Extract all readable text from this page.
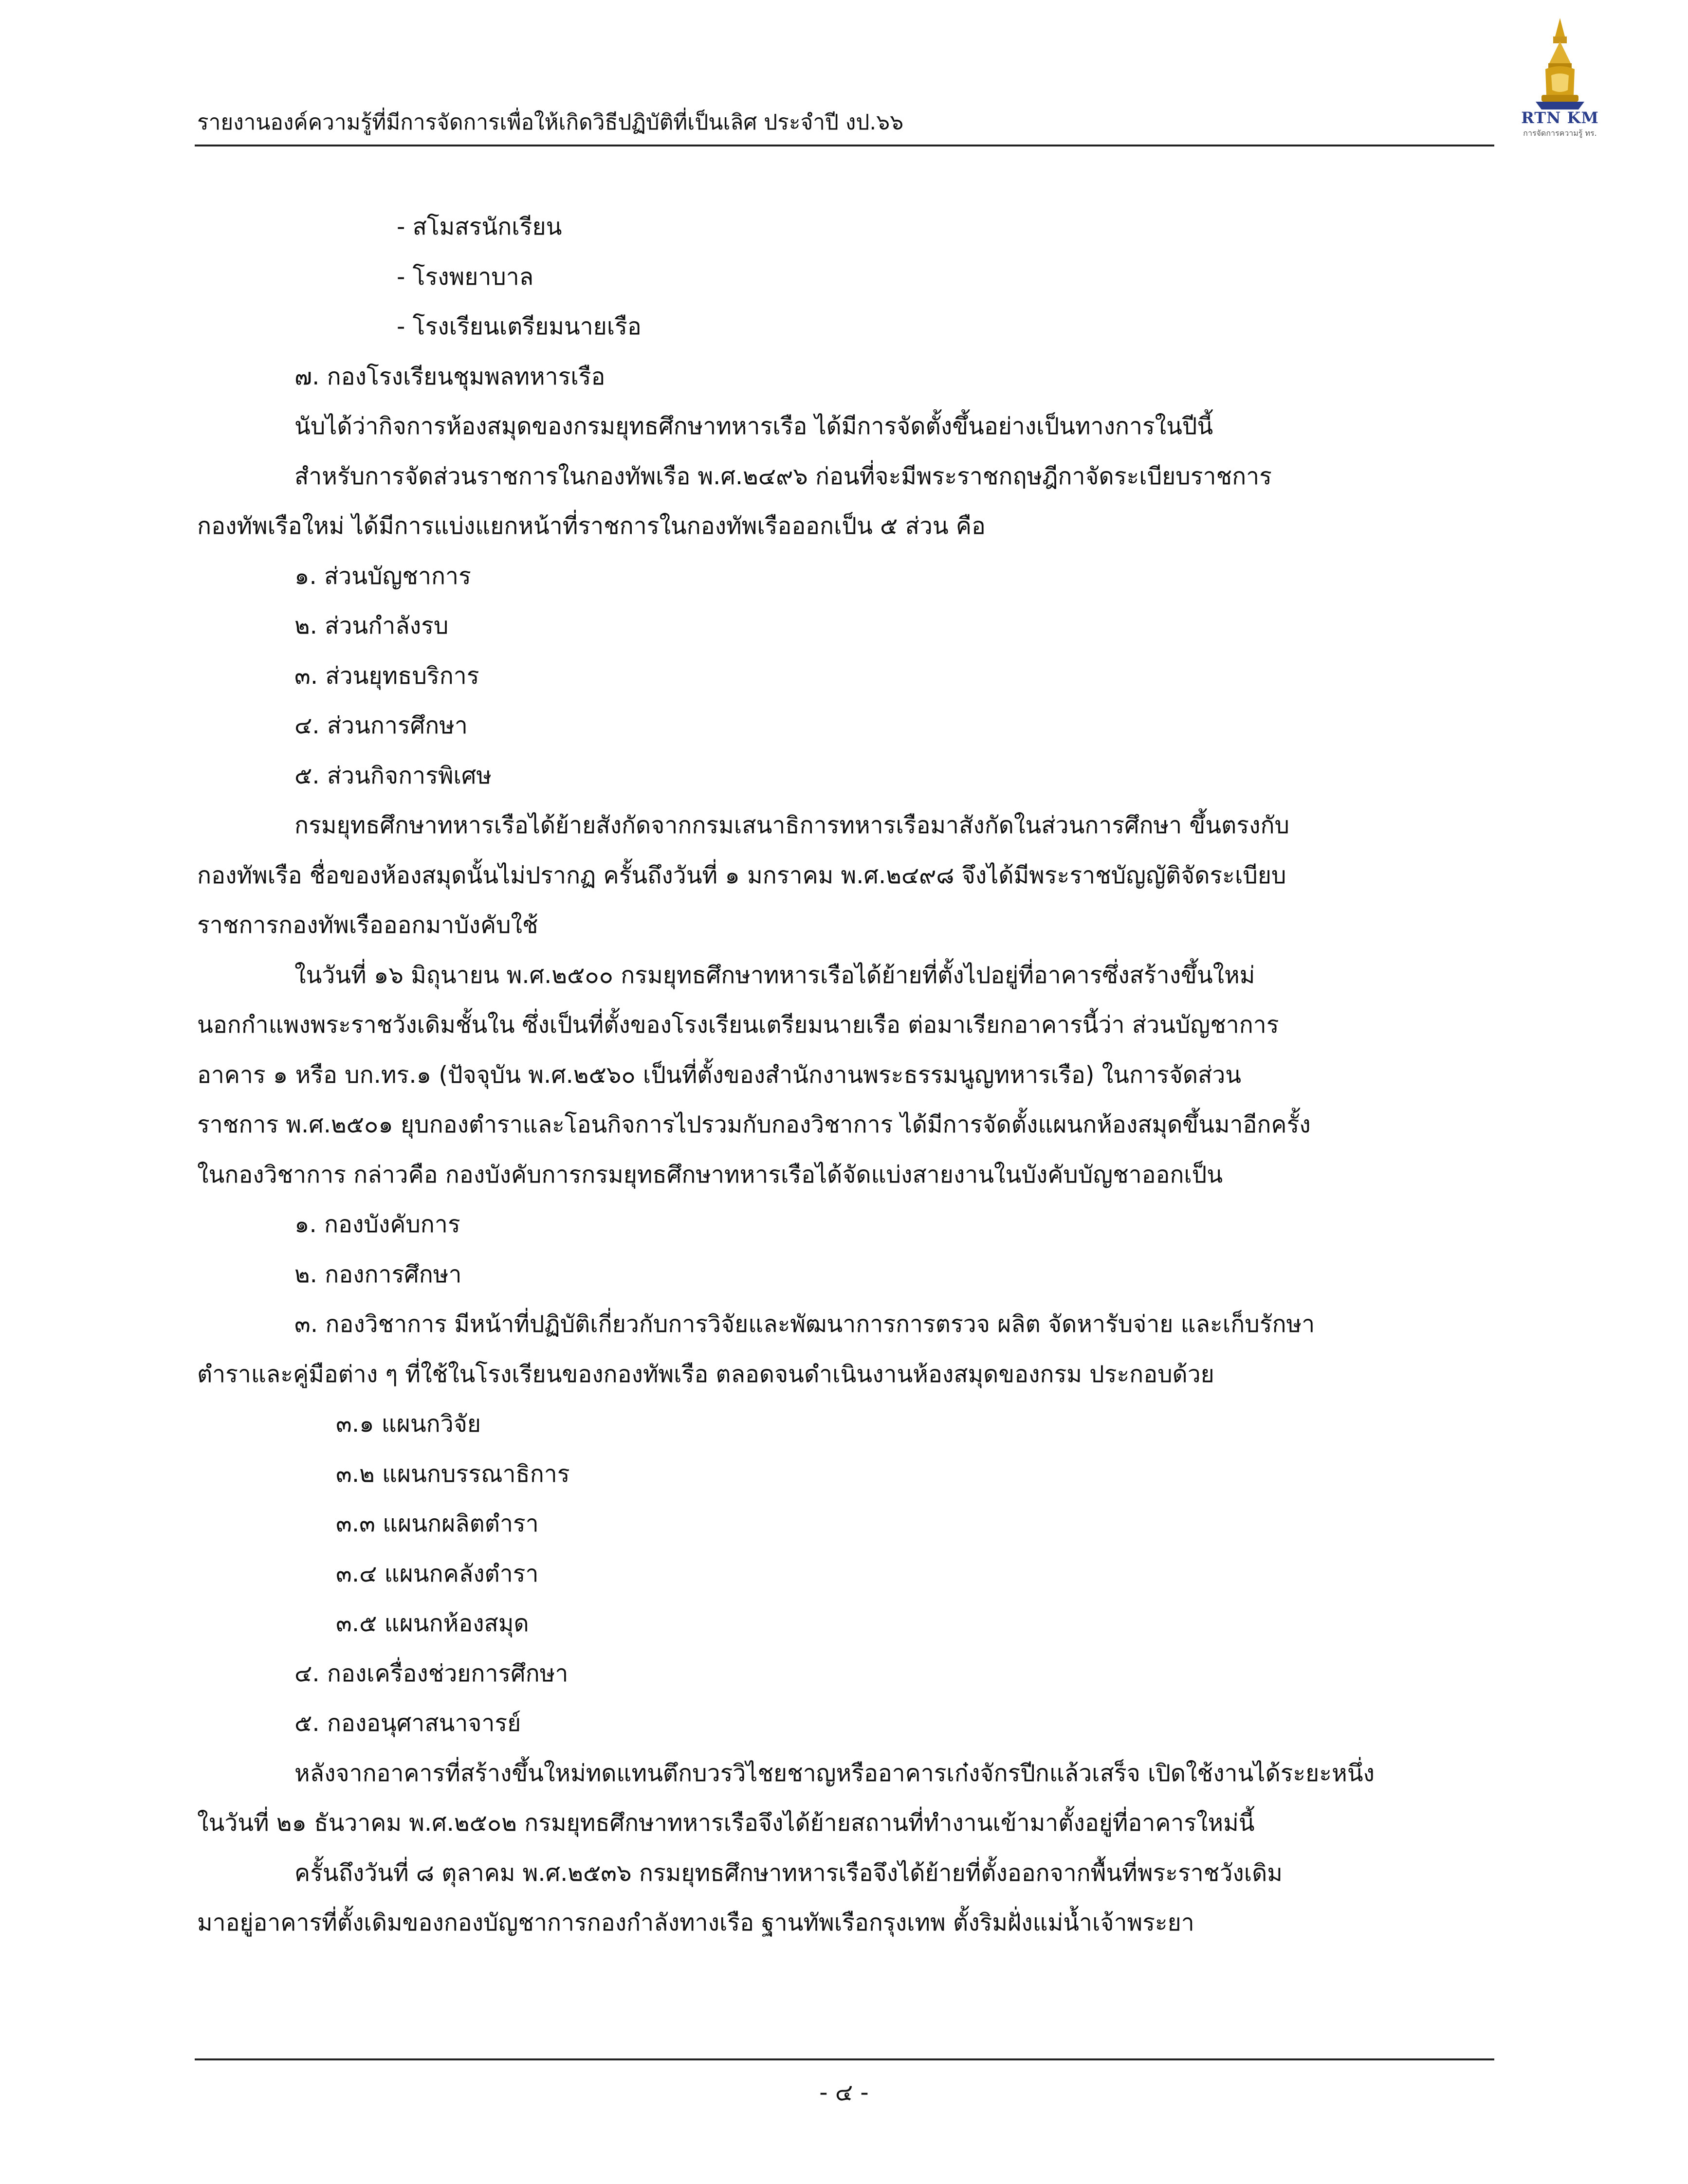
รายงานองค์ความรู้ที่มีการจัดการเพื่อให้เกิดวิธีปฏิบัติที่เป็นเลิศ ประจำปี งป.๖๖	RTN KM
การจัดการความรู้ ทร.
- สโมสรนักเรียน
- โรงพยาบาล
- โรงเรียนเตรียมนายเรือ
๗. กองโรงเรียนชุมพลทหารเรือ
นับได้ว่ากิจการห้องสมุดของกรมยุทธศึกษาทหารเรือ ได้มีการจัดตั้งขึ้นอย่างเป็นทางการในปีนี้
สำหรับการจัดส่วนราชการในกองทัพเรือ พ.ศ.๒๔๙๖ ก่อนที่จะมีพระราชกฤษฎีกาจัดระเบียบราชการ
กองทัพเรือใหม่ ได้มีการแบ่งแยกหน้าที่ราชการในกองทัพเรือออกเป็น ๕ ส่วน คือ
๑. ส่วนบัญชาการ
๒. ส่วนกำลังรบ
๓. ส่วนยุทธบริการ
๔. ส่วนการศึกษา
๕. ส่วนกิจการพิเศษ
กรมยุทธศึกษาทหารเรือได้ย้ายสังกัดจากกรมเสนาธิการทหารเรือมาสังกัดในส่วนการศึกษา ขึ้นตรงกับ
กองทัพเรือ ชื่อของห้องสมุดนั้นไม่ปรากฏ ครั้นถึงวันที่ ๑ มกราคม พ.ศ.๒๔๙๘ จึงได้มีพระราชบัญญัติจัดระเบียบ
ราชการกองทัพเรือออกมาบังคับใช้
ในวันที่ ๑๖ มิถุนายน พ.ศ.๒๕๐๐ กรมยุทธศึกษาทหารเรือได้ย้ายที่ตั้งไปอยู่ที่อาคารซึ่งสร้างขึ้นใหม่
นอกกำแพงพระราชวังเดิมชั้นใน ซึ่งเป็นที่ตั้งของโรงเรียนเตรียมนายเรือ ต่อมาเรียกอาคารนี้ว่า ส่วนบัญชาการ
อาคาร ๑ หรือ บก.ทร.๑ (ปัจจุบัน พ.ศ.๒๕๖๐ เป็นที่ตั้งของสำนักงานพระธรรมนูญทหารเรือ) ในการจัดส่วน
ราชการ พ.ศ.๒๕๐๑ ยุบกองตำราและโอนกิจการไปรวมกับกองวิชาการ ได้มีการจัดตั้งแผนกห้องสมุดขึ้นมาอีกครั้ง
ในกองวิชาการ กล่าวคือ กองบังคับการกรมยุทธศึกษาทหารเรือได้จัดแบ่งสายงานในบังคับบัญชาออกเป็น
๑. กองบังคับการ
๒. กองการศึกษา
๓. กองวิชาการ มีหน้าที่ปฏิบัติเกี่ยวกับการวิจัยและพัฒนาการการตรวจ ผลิต จัดหารับจ่าย และเก็บรักษา
ตำราและคู่มือต่าง ๆ ที่ใช้ในโรงเรียนของกองทัพเรือ ตลอดจนดำเนินงานห้องสมุดของกรม ประกอบด้วย
๓.๑ แผนกวิจัย
๓.๒ แผนกบรรณาธิการ
๓.๓ แผนกผลิตตำรา
๓.๔ แผนกคลังตำรา
๓.๕ แผนกห้องสมุด
๔. กองเครื่องช่วยการศึกษา
๕. กองอนุศาสนาจารย์
หลังจากอาคารที่สร้างขึ้นใหม่ทดแทนตึกบวรวิไชยชาญหรืออาคารเก๋งจักรปีกแล้วเสร็จ เปิดใช้งานได้ระยะหนึ่ง
ในวันที่ ๒๑ ธันวาคม พ.ศ.๒๕๐๒ กรมยุทธศึกษาทหารเรือจึงได้ย้ายสถานที่ทำงานเข้ามาตั้งอยู่ที่อาคารใหม่นี้
ครั้นถึงวันที่ ๘ ตุลาคม พ.ศ.๒๕๓๖ กรมยุทธศึกษาทหารเรือจึงได้ย้ายที่ตั้งออกจากพื้นที่พระราชวังเดิม
มาอยู่อาคารที่ตั้งเดิมของกองบัญชาการกองกำลังทางเรือ ฐานทัพเรือกรุงเทพ ตั้งริมฝั่งแม่น้ำเจ้าพระยา
- ๔ -
